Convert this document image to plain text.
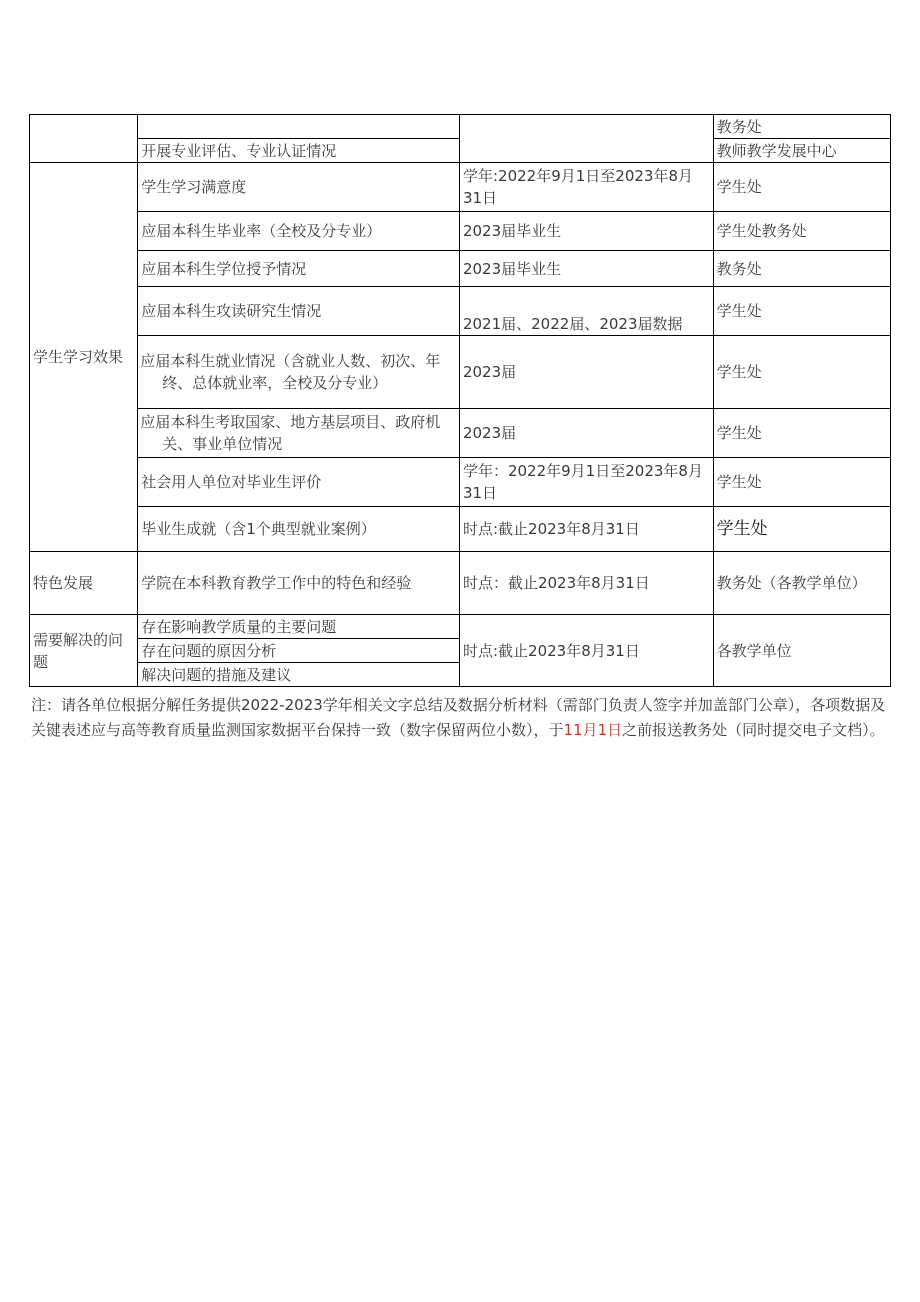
			教务处
	开展专业评估、专业认证情况		教师教学发展中心
学生学习效果	学生学习满意度	学年:2022年9月1日至2023年8月31日	学生处
	应届本科生毕业率（全校及分专业）	2023届毕业生	学生处教务处
	应届本科生学位授予情况	2023届毕业生	教务处
	应届本科生攻读研究生情况	2021届、2022届、2023届数据	学生处
	应届本科生就业情况（含就业人数、初次、年终、总体就业率，全校及分专业）	2023届	学生处
	应届本科生考取国家、地方基层项目、政府机关、事业单位情况	2023届	学生处
	社会用人单位对毕业生评价	学年：2022年9月1日至2023年8月31日	学生处
	毕业生成就（含1个典型就业案例）	时点:截止2023年8月31日	学生处
特色发展	学院在本科教育教学工作中的特色和经验	时点：截止2023年8月31日	教务处（各教学单位）
需要解决的问题	存在影响教学质量的主要问题	时点:截止2023年8月31日	各教学单位
	存在问题的原因分析		
	解决问题的措施及建议		
注：请各单位根据分解任务提供2022-2023学年相关文字总结及数据分析材料（需部门负责人签字并加盖部门公章），各项数据及关键表述应与高等教育质量监测国家数据平台保持一致（数字保留两位小数），于11月1日之前报送教务处（同时提交电子文档）。
